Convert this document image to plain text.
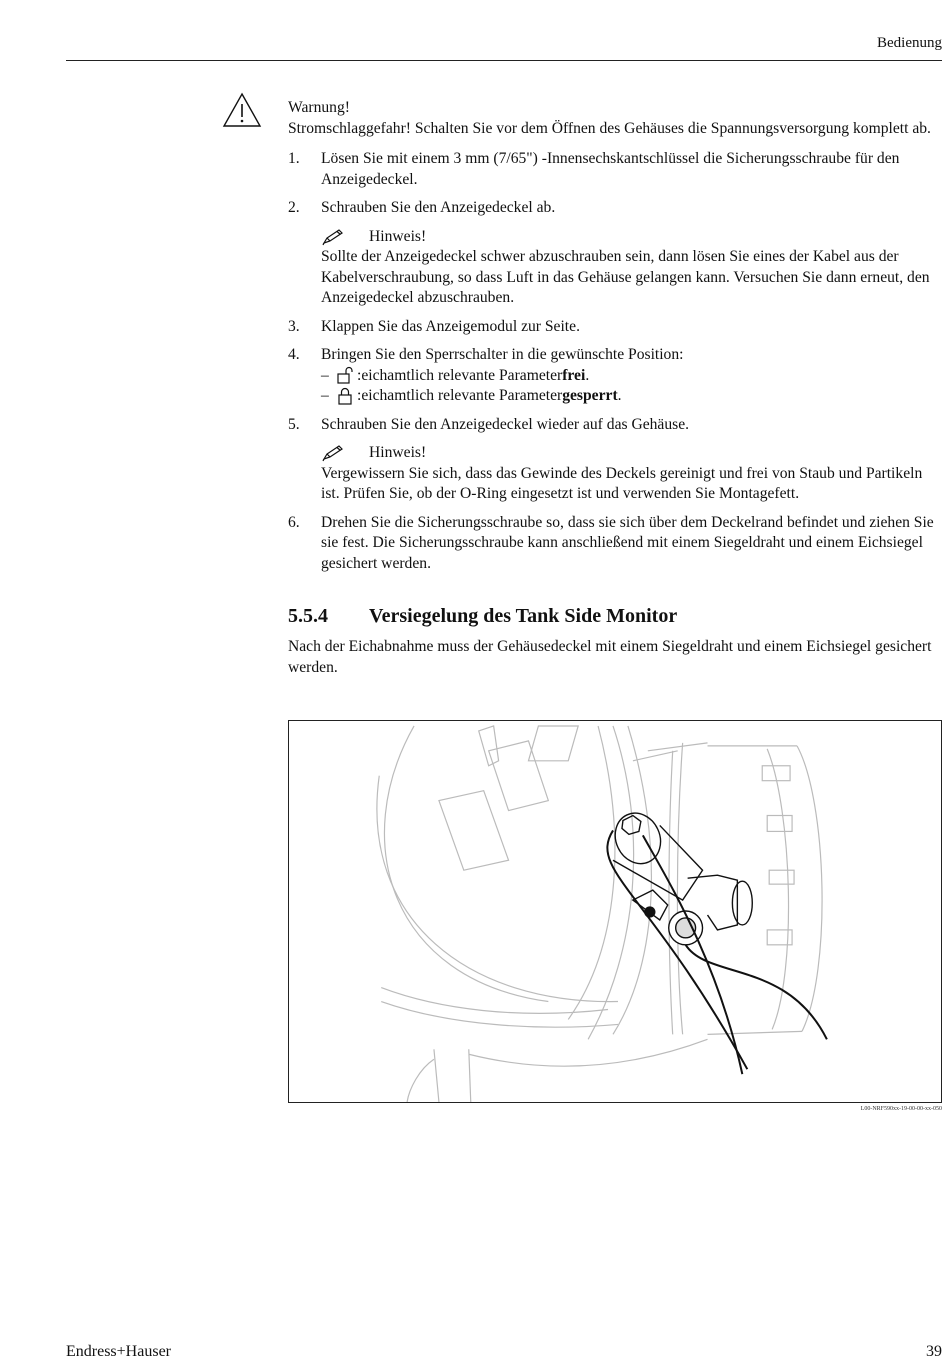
Bedienung
Warnung!
Stromschlaggefahr! Schalten Sie vor dem Öffnen des Gehäuses die Spannungsversorgung komplett ab.
1. Lösen Sie mit einem 3 mm (7/65") -Innensechskantschlüssel die Sicherungsschraube für den Anzeigedeckel.
2. Schrauben Sie den Anzeigedeckel ab.
Hinweis!
Sollte der Anzeigedeckel schwer abzuschrauben sein, dann lösen Sie eines der Kabel aus der Kabelverschraubung, so dass Luft in das Gehäuse gelangen kann. Versuchen Sie dann erneut, den Anzeigedeckel abzuschrauben.
3. Klappen Sie das Anzeigemodul zur Seite.
4. Bringen Sie den Sperrschalter in die gewünschte Position:
–	:eichamtlich relevante Parameter frei .
–	:eichamtlich relevante Parameter gesperrt .
5. Schrauben Sie den Anzeigedeckel wieder auf das Gehäuse.
Hinweis!
Vergewissern Sie sich, dass das Gewinde des Deckels gereinigt und frei von Staub und Partikeln ist. Prüfen Sie, ob der O-Ring eingesetzt ist und verwenden Sie Montagefett.
6. Drehen Sie die Sicherungsschraube so, dass sie sich über dem Deckelrand befindet und ziehen Sie sie fest. Die Sicherungsschraube kann anschließend mit einem Siegeldraht und einem Eichsiegel gesichert werden.
5.5.4	Versiegelung des Tank Side Monitor
Nach der Eichabnahme muss der Gehäusedeckel mit einem Siegeldraht und einem Eichsiegel gesichert werden.
L00-NRF590xx-19-00-00-xx-050
Endress+Hauser	39
